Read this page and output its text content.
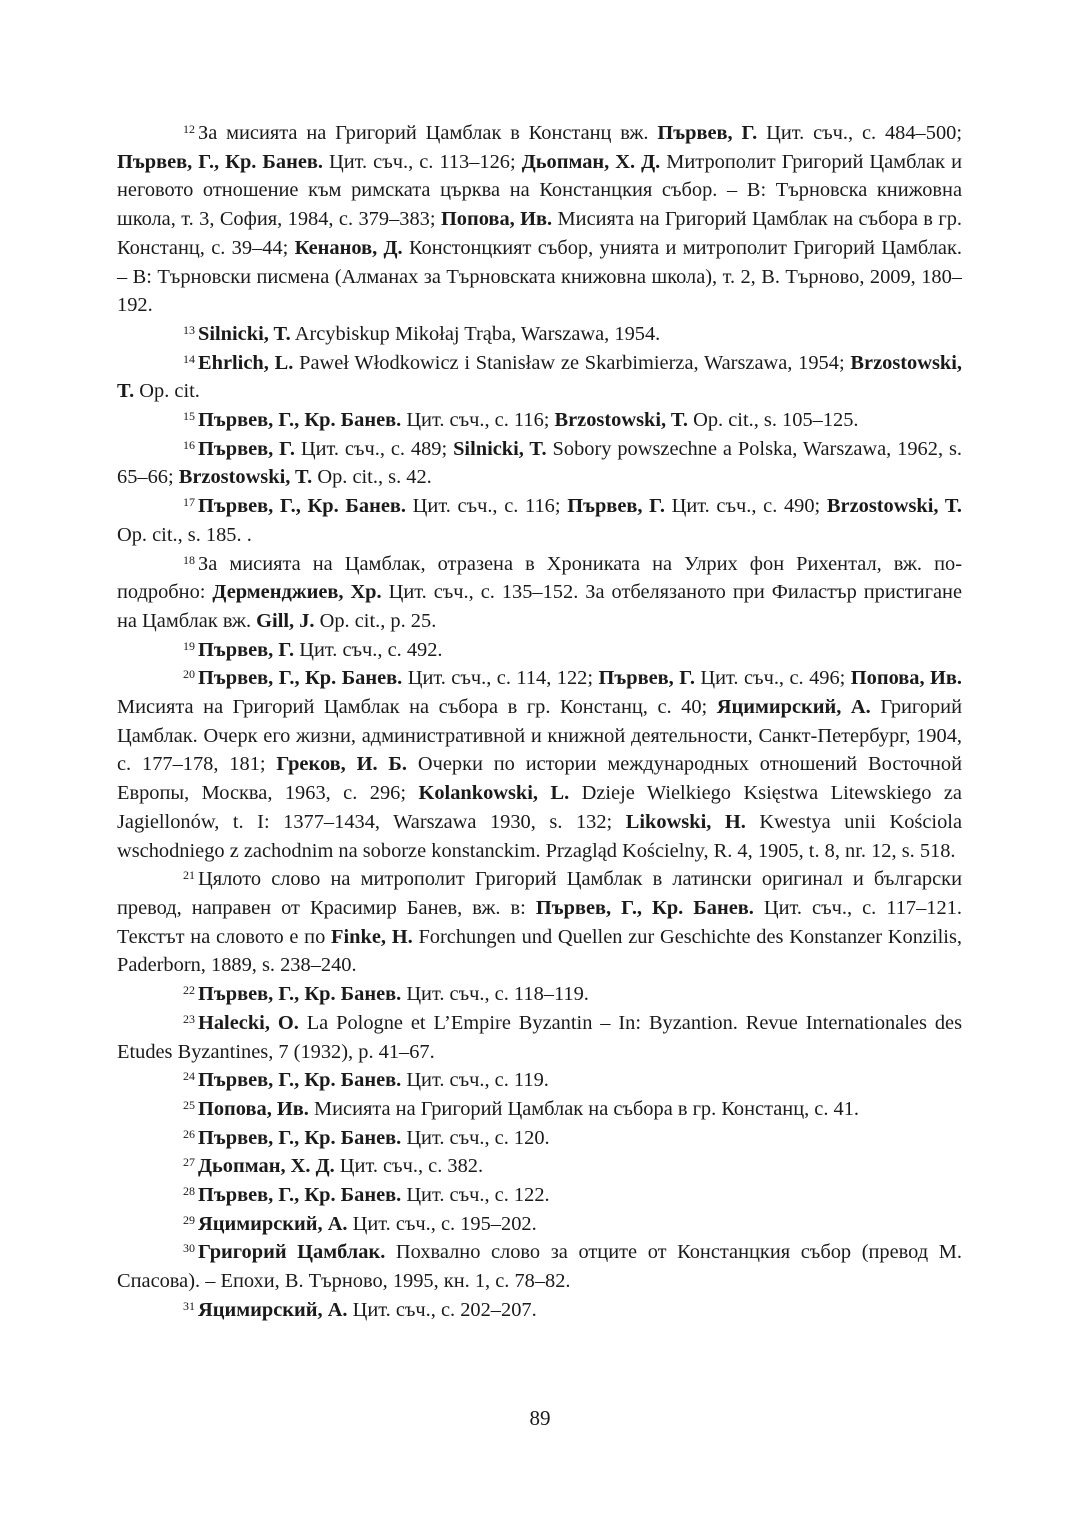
$^{12}$ За мисията на Григорий Цамблак в Констанц вж. Първев, Г. Цит. съч., с. 484–500; Първев, Г., Кр. Банев. Цит. съч., с. 113–126; Дьопман, Х. Д. Митрополит Григорий Цамблак и неговото отношение към римската църква на Констанцкия събор. – В: Търновска книжовна школа, т. 3, София, 1984, с. 379–383; Попова, Ив. Мисията на Григорий Цамблак на събора в гр. Констанц, с. 39–44; Кенанов, Д. Констонцкият събор, унията и митрополит Григорий Цамблак. – В: Търновски писмена (Алманах за Търновската книжовна школа), т. 2, В. Търново, 2009, 180–192.

$^{13}$ Silnicki, T. Arcybiskup Mikołaj Trąba, Warszawa, 1954.

$^{14}$ Ehrlich, L. Paweł Włodkowicz i Stanisław ze Skarbimierza, Warszawa, 1954; Brzostowski, T. Op. cit.

$^{15}$ Първев, Г., Кр. Банев. Цит. съч., с. 116; Brzostowski, T. Op. cit., s. 105–125.

$^{16}$ Първев, Г. Цит. съч., с. 489; Silnicki, T. Sobory powszechne a Polska, Warszawa, 1962, s. 65–66; Brzostowski, T. Op. cit., s. 42.

$^{17}$ Първев, Г., Кр. Банев. Цит. съч., с. 116; Първев, Г. Цит. съч., с. 490; Brzostowski, T. Op. cit., s. 185. .

$^{18}$ За мисията на Цамблак, отразена в Хрониката на Улрих фон Рихентал, вж. по-подробно: Дерменджиев, Хр. Цит. съч., с. 135–152. За отбелязаното при Филастър пристигане на Цамблак вж. Gill, J. Op. cit., p. 25.

$^{19}$ Първев, Г. Цит. съч., с. 492.

$^{20}$ Първев, Г., Кр. Банев. Цит. съч., с. 114, 122; Първев, Г. Цит. съч., с. 496; Попова, Ив. Мисията на Григорий Цамблак на събора в гр. Констанц, с. 40; Яцимирский, А. Григорий Цамблак. Очерк его жизни, административной и книжной деятельности, Санкт-Петербург, 1904, с. 177–178, 181; Греков, И. Б. Очерки по истории международных отношений Восточной Европы, Москва, 1963, с. 296; Kolankowski, L. Dzieje Wielkiego Księstwa Litewskiego za Jagiellonów, t. I: 1377–1434, Warszawa 1930, s. 132; Likowski, H. Kwestya unii Kościola wschodniego z zachodnim na soborze konstanckim. Przagląd Kościelny, R. 4, 1905, t. 8, nr. 12, s. 518.

$^{21}$ Цялото слово на митрополит Григорий Цамблак в латински оригинал и български превод, направен от Красимир Банев, вж. в: Първев, Г., Кр. Банев. Цит. съч., с. 117–121. Текстът на словото е по Finke, H. Forchungen und Quellen zur Geschichte des Konstanzer Konzilis, Paderborn, 1889, s. 238–240.

$^{22}$ Първев, Г., Кр. Банев. Цит. съч., с. 118–119.

$^{23}$ Halecki, O. La Pologne et L’Empire Byzantin – In: Byzantion. Revue Internationales des Etudes Byzantines, 7 (1932), p. 41–67.

$^{24}$ Първев, Г., Кр. Банев. Цит. съч., с. 119.

$^{25}$ Попова, Ив. Мисията на Григорий Цамблак на събора в гр. Констанц, с. 41.

$^{26}$ Първев, Г., Кр. Банев. Цит. съч., с. 120.

$^{27}$ Дьопман, Х. Д. Цит. съч., с. 382.

$^{28}$ Първев, Г., Кр. Банев. Цит. съч., с. 122.

$^{29}$ Яцимирский, А. Цит. съч., с. 195–202.

$^{30}$ Григорий Цамблак. Похвално слово за отците от Констанцкия събор (превод М. Спасова). – Епохи, В. Търново, 1995, кн. 1, с. 78–82.

$^{31}$ Яцимирский, А. Цит. съч., с. 202–207.

89
